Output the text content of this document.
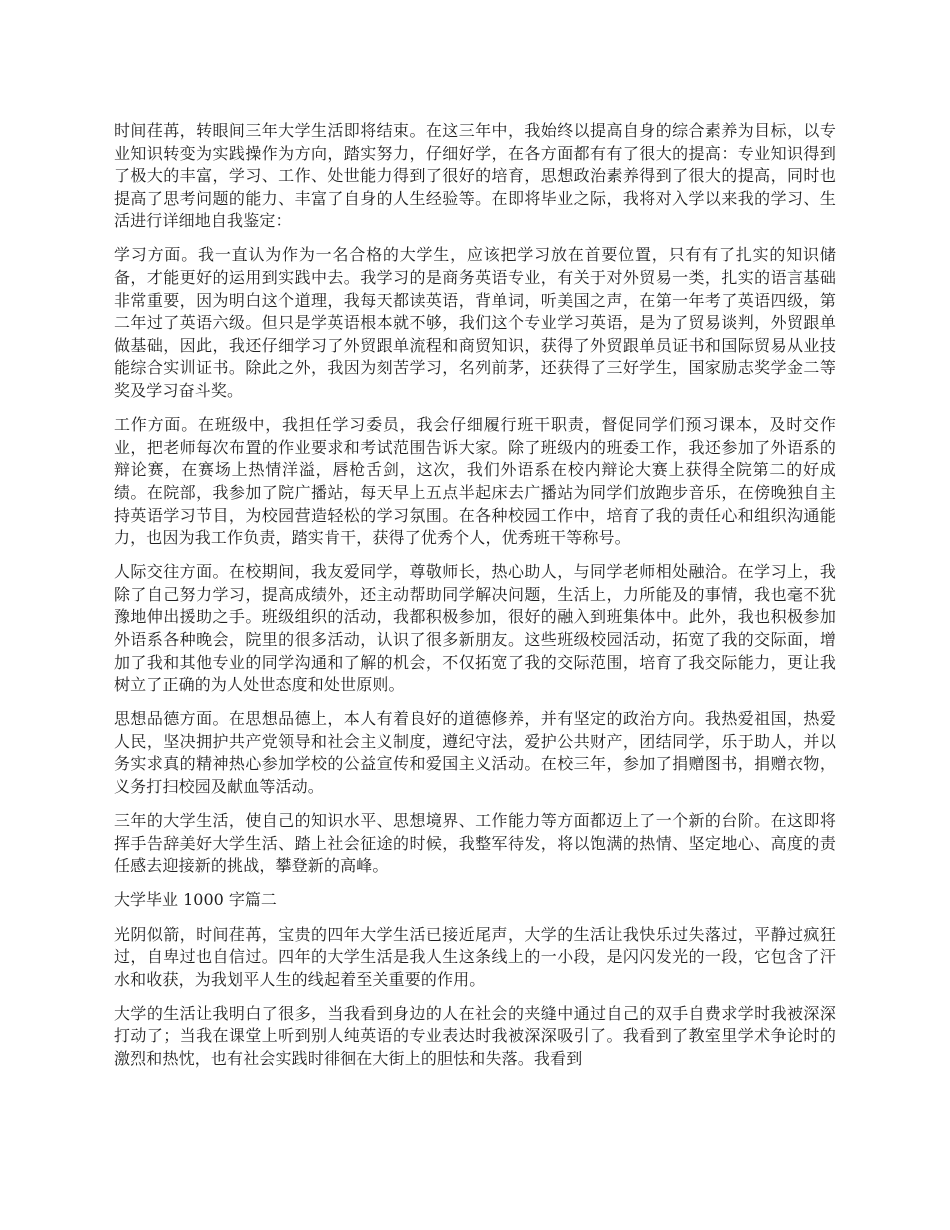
时间荏苒，转眼间三年大学生活即将结束。在这三年中，我始终以提高自身的综合素养为目标，以专业知识转变为实践操作为方向，踏实努力，仔细好学，在各方面都有有了很大的提高：专业知识得到了极大的丰富，学习、工作、处世能力得到了很好的培育，思想政治素养得到了很大的提高，同时也提高了思考问题的能力、丰富了自身的人生经验等。在即将毕业之际，我将对入学以来我的学习、生活进行详细地自我鉴定：

学习方面。我一直认为作为一名合格的大学生，应该把学习放在首要位置，只有有了扎实的知识储备，才能更好的运用到实践中去。我学习的是商务英语专业，有关于对外贸易一类，扎实的语言基础非常重要，因为明白这个道理，我每天都读英语，背单词，听美国之声，在第一年考了英语四级，第二年过了英语六级。但只是学英语根本就不够，我们这个专业学习英语，是为了贸易谈判，外贸跟单做基础，因此，我还仔细学习了外贸跟单流程和商贸知识，获得了外贸跟单员证书和国际贸易从业技能综合实训证书。除此之外，我因为刻苦学习，名列前茅，还获得了三好学生，国家励志奖学金二等奖及学习奋斗奖。

工作方面。在班级中，我担任学习委员，我会仔细履行班干职责，督促同学们预习课本，及时交作业，把老师每次布置的作业要求和考试范围告诉大家。除了班级内的班委工作，我还参加了外语系的辩论赛，在赛场上热情洋溢，唇枪舌剑，这次，我们外语系在校内辩论大赛上获得全院第二的好成绩。在院部，我参加了院广播站，每天早上五点半起床去广播站为同学们放跑步音乐，在傍晚独自主持英语学习节目，为校园营造轻松的学习氛围。在各种校园工作中，培育了我的责任心和组织沟通能力，也因为我工作负责，踏实肯干，获得了优秀个人，优秀班干等称号。

人际交往方面。在校期间，我友爱同学，尊敬师长，热心助人，与同学老师相处融洽。在学习上，我除了自己努力学习，提高成绩外，还主动帮助同学解决问题，生活上，力所能及的事情，我也毫不犹豫地伸出援助之手。班级组织的活动，我都积极参加，很好的融入到班集体中。此外，我也积极参加外语系各种晚会，院里的很多活动，认识了很多新朋友。这些班级校园活动，拓宽了我的交际面，增加了我和其他专业的同学沟通和了解的机会，不仅拓宽了我的交际范围，培育了我交际能力，更让我树立了正确的为人处世态度和处世原则。

思想品德方面。在思想品德上，本人有着良好的道德修养，并有坚定的政治方向。我热爱祖国，热爱人民，坚决拥护共产党领导和社会主义制度，遵纪守法，爱护公共财产，团结同学，乐于助人，并以务实求真的精神热心参加学校的公益宣传和爱国主义活动。在校三年，参加了捐赠图书，捐赠衣物，义务打扫校园及献血等活动。

三年的大学生活，使自己的知识水平、思想境界、工作能力等方面都迈上了一个新的台阶。在这即将挥手告辞美好大学生活、踏上社会征途的时候，我整军待发，将以饱满的热情、坚定地心、高度的责任感去迎接新的挑战，攀登新的高峰。

大学毕业 1000 字篇二

光阴似箭，时间荏苒，宝贵的四年大学生活已接近尾声，大学的生活让我快乐过失落过，平静过疯狂过，自卑过也自信过。四年的大学生活是我人生这条线上的一小段，是闪闪发光的一段，它包含了汗水和收获，为我划平人生的线起着至关重要的作用。

大学的生活让我明白了很多，当我看到身边的人在社会的夹缝中通过自己的双手自费求学时我被深深打动了；当我在课堂上听到别人纯英语的专业表达时我被深深吸引了。我看到了教室里学术争论时的激烈和热忱，也有社会实践时徘徊在大街上的胆怯和失落。我看到
